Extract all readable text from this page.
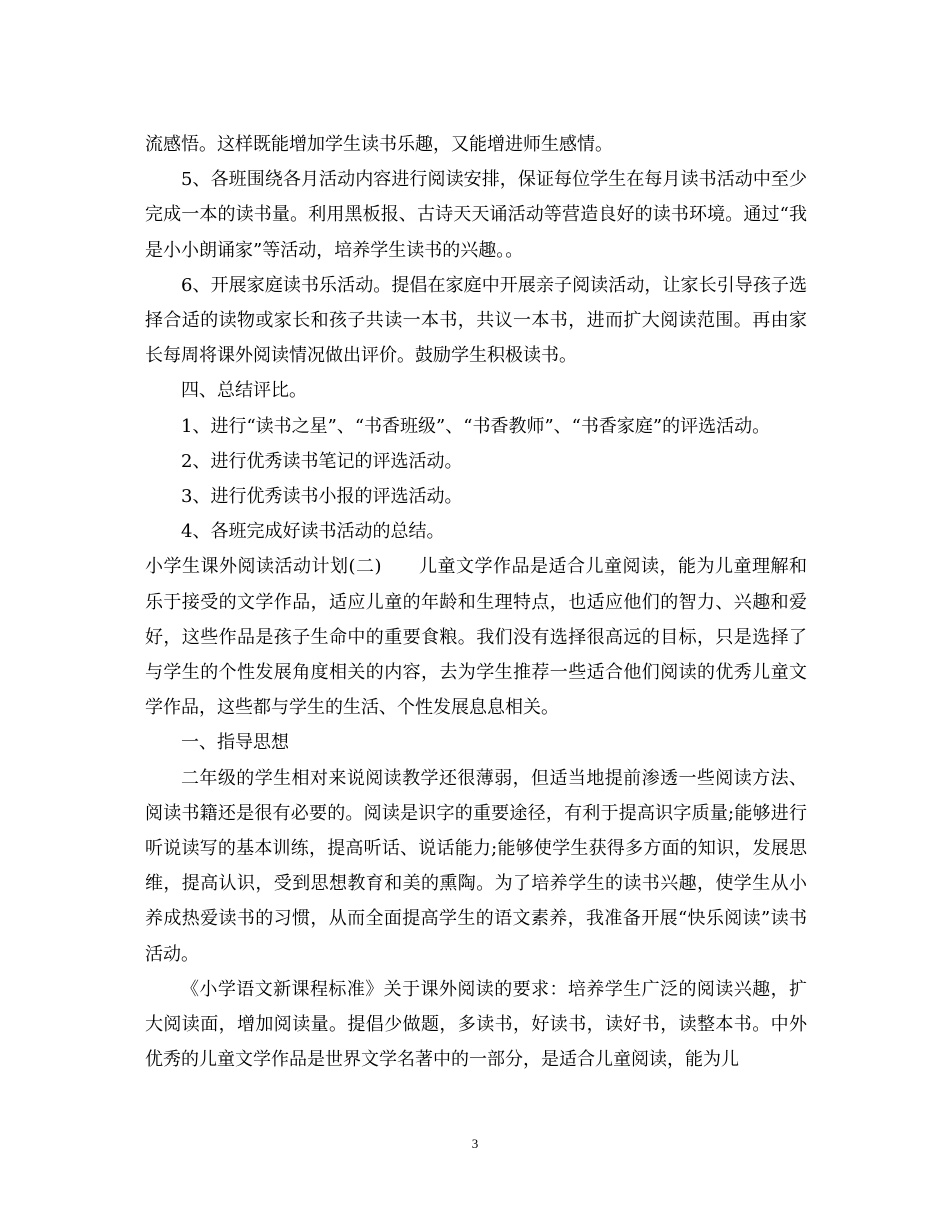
流感悟。这样既能增加学生读书乐趣，又能增进师生感情。

5、各班围绕各月活动内容进行阅读安排，保证每位学生在每月读书活动中至少完成一本的读书量。利用黑板报、古诗天天诵活动等营造良好的读书环境。通过“我是小小朗诵家”等活动，培养学生读书的兴趣。。

6、开展家庭读书乐活动。提倡在家庭中开展亲子阅读活动，让家长引导孩子选择合适的读物或家长和孩子共读一本书，共议一本书，进而扩大阅读范围。再由家长每周将课外阅读情况做出评价。鼓励学生积极读书。

四、总结评比。

1、进行“读书之星”、“书香班级”、“书香教师”、“书香家庭”的评选活动。

2、进行优秀读书笔记的评选活动。

3、进行优秀读书小报的评选活动。

4、各班完成好读书活动的总结。

小学生课外阅读活动计划(二)　　儿童文学作品是适合儿童阅读，能为儿童理解和乐于接受的文学作品，适应儿童的年龄和生理特点，也适应他们的智力、兴趣和爱好，这些作品是孩子生命中的重要食粮。我们没有选择很高远的目标，只是选择了与学生的个性发展角度相关的内容，去为学生推荐一些适合他们阅读的优秀儿童文学作品，这些都与学生的生活、个性发展息息相关。

一、指导思想

二年级的学生相对来说阅读教学还很薄弱，但适当地提前渗透一些阅读方法、阅读书籍还是很有必要的。阅读是识字的重要途径，有利于提高识字质量;能够进行听说读写的基本训练，提高听话、说话能力;能够使学生获得多方面的知识，发展思维，提高认识，受到思想教育和美的熏陶。为了培养学生的读书兴趣，使学生从小养成热爱读书的习惯，从而全面提高学生的语文素养，我准备开展“快乐阅读”读书活动。

《小学语文新课程标准》关于课外阅读的要求：培养学生广泛的阅读兴趣，扩大阅读面，增加阅读量。提倡少做题，多读书，好读书，读好书，读整本书。中外优秀的儿童文学作品是世界文学名著中的一部分，是适合儿童阅读，能为儿

3
